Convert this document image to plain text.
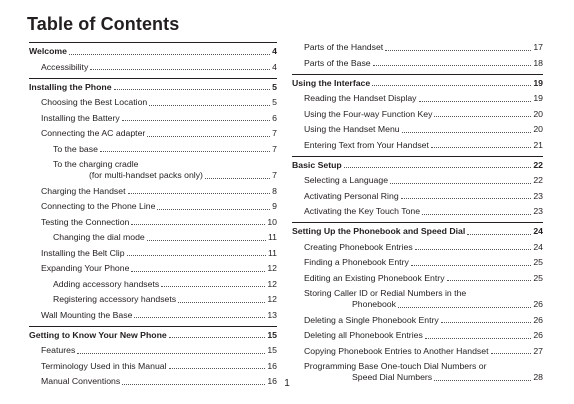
Table of Contents
Welcome	4
Accessibility	4
Installing the Phone	5
Choosing the Best Location	5
Installing the Battery	6
Connecting the AC adapter	7
To the base	7
To the charging cradle
(for multi-handset packs only)	7
Charging the Handset	8
Connecting to the Phone Line	9
Testing the Connection	10
Changing the dial mode	11
Installing the Belt Clip	11
Expanding Your Phone	12
Adding accessory handsets	12
Registering accessory handsets	12
Wall Mounting the Base	13
Getting to Know Your New Phone	15
Features	15
Terminology Used in this Manual	16
Manual Conventions	16
Parts of the Handset	17
Parts of the Base	18
Using the Interface	19
Reading the Handset Display	19
Using the Four-way Function Key	20
Using the Handset Menu	20
Entering Text from Your Handset	21
Basic Setup	22
Selecting a Language	22
Activating Personal Ring	23
Activating the Key Touch Tone	23
Setting Up the Phonebook and Speed Dial	24
Creating Phonebook Entries	24
Finding a Phonebook Entry	25
Editing an Existing Phonebook Entry	25
Storing Caller ID or Redial Numbers in the
Phonebook	26
Deleting a Single Phonebook Entry	26
Deleting all Phonebook Entries	26
Copying Phonebook Entries to Another Handset	27
Programming Base One-touch Dial Numbers or
Speed Dial Numbers	28
1
